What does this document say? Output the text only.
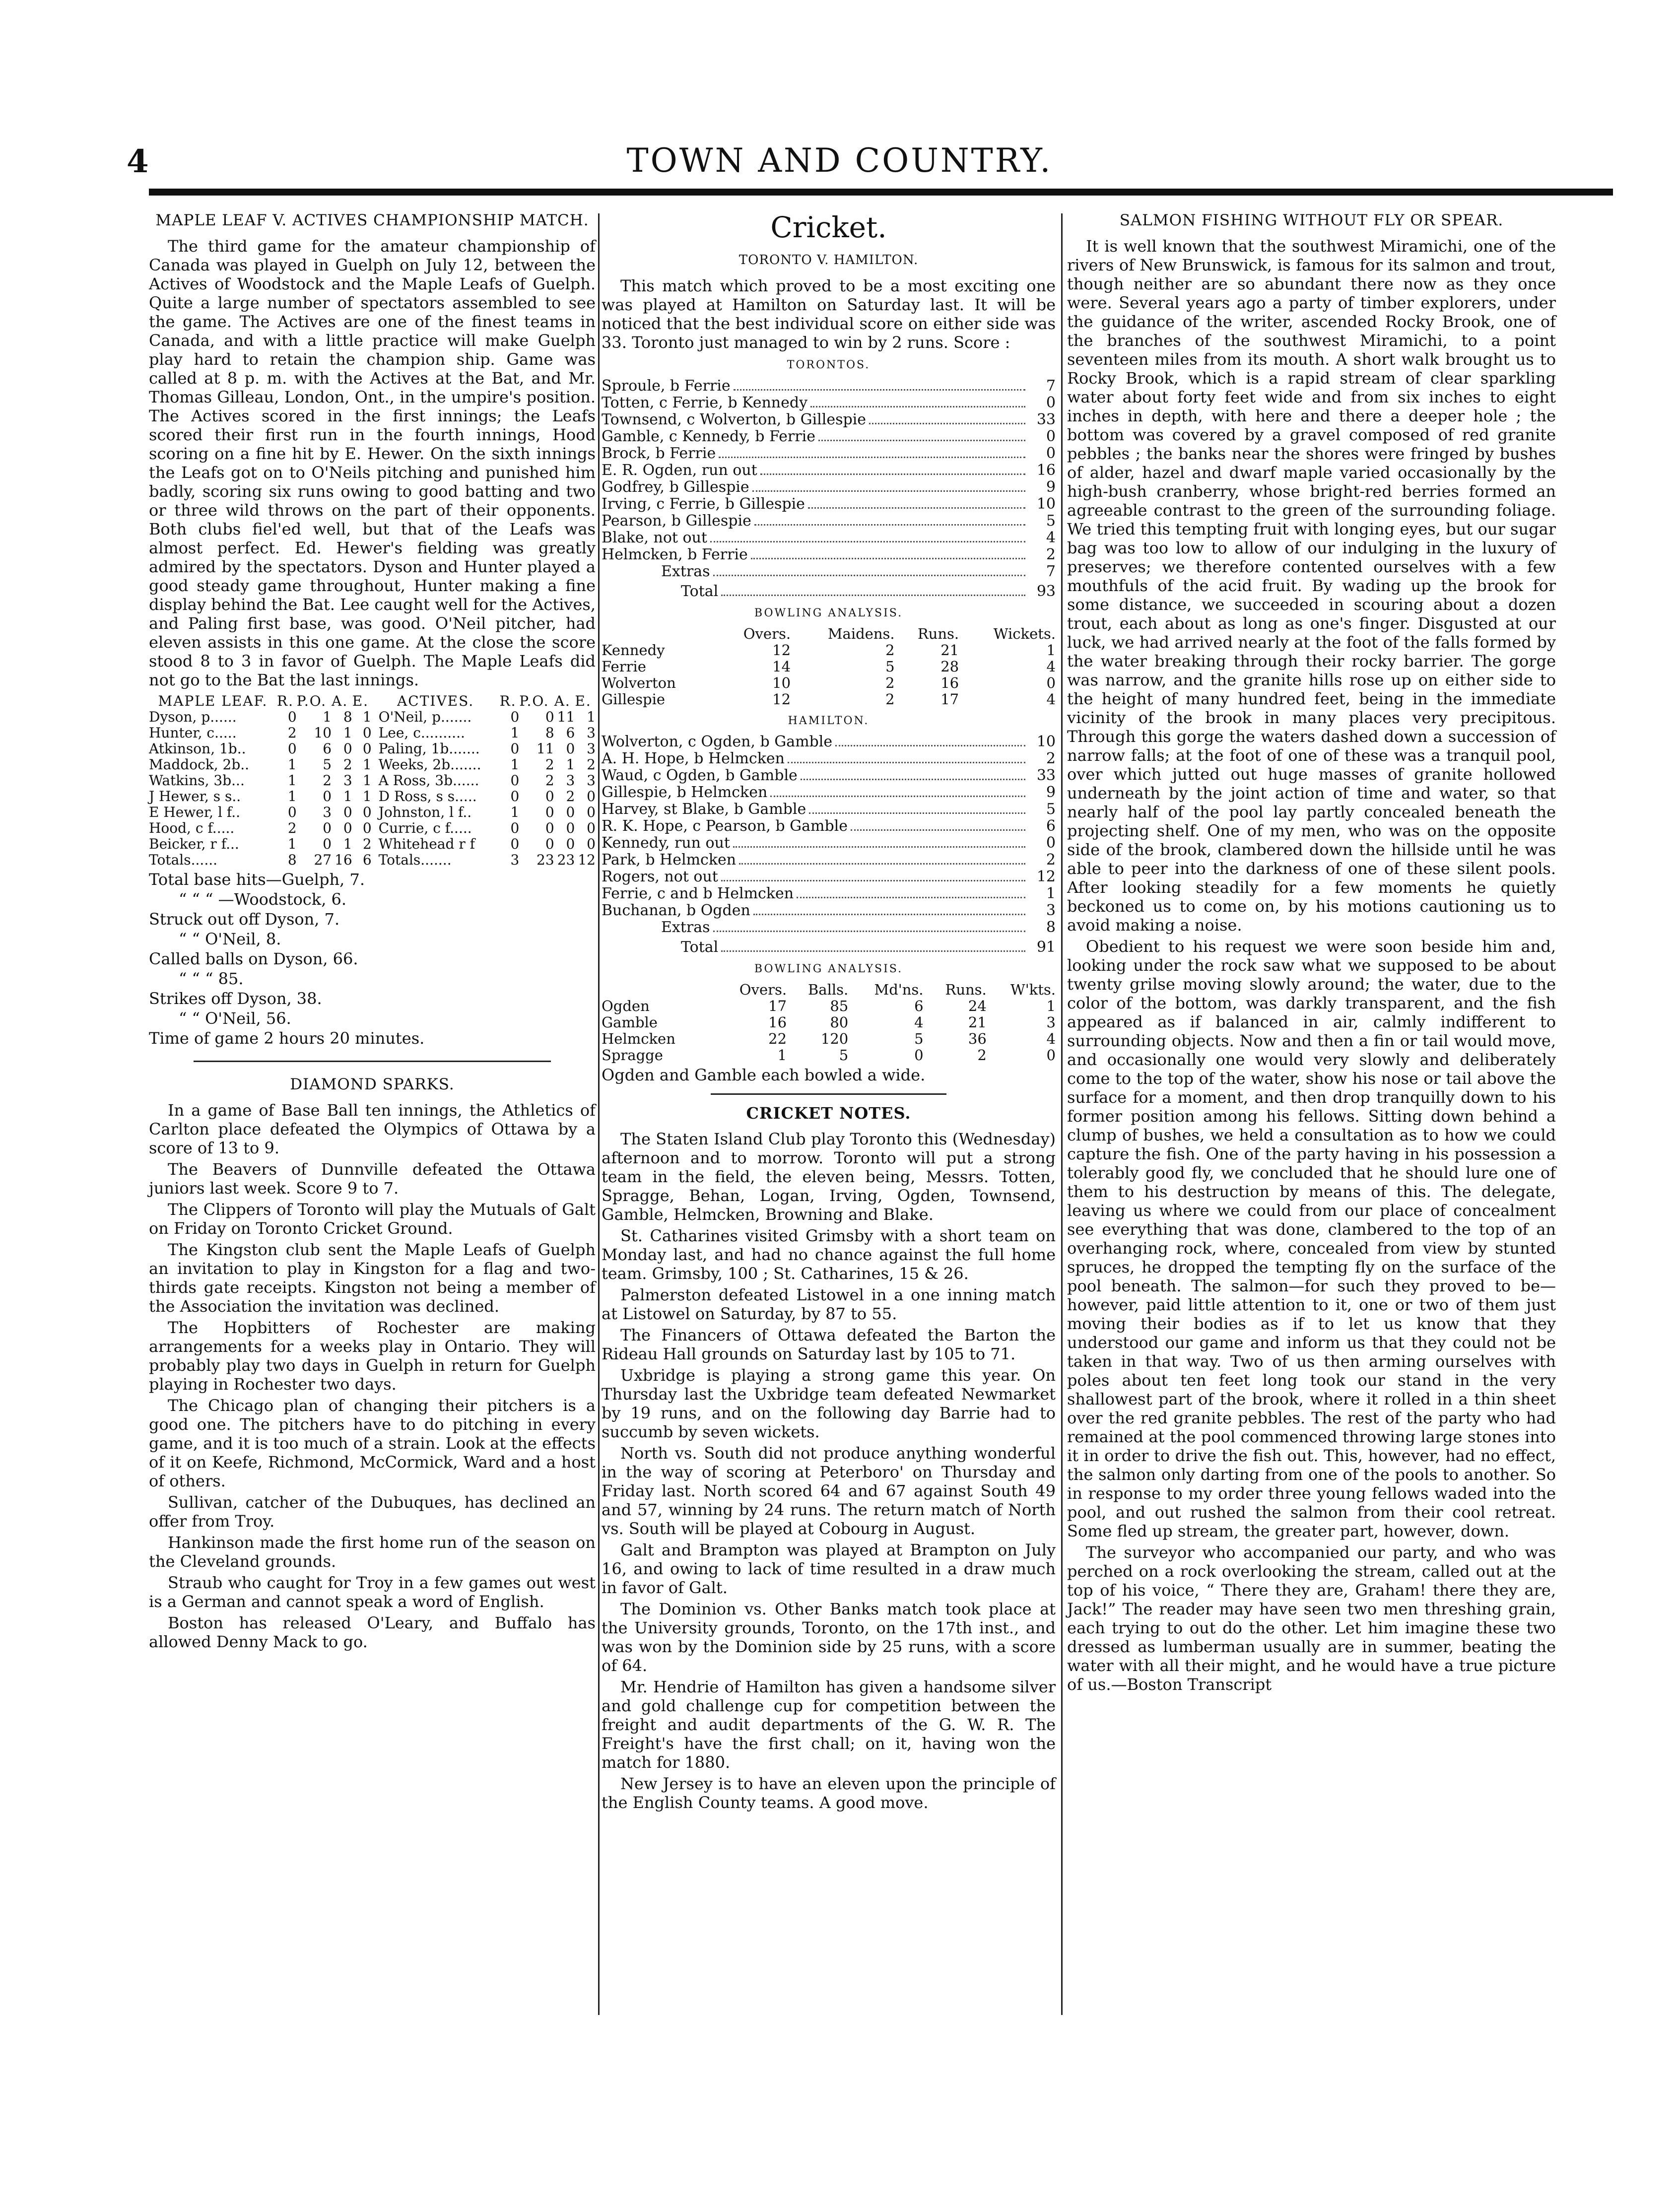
4	TOWN AND COUNTRY.
MAPLE LEAF V. ACTIVES CHAMPIONSHIP MATCH.

The third game for the amateur championship of Canada was played in Guelph on July 12, between the Actives of Woodstock and the Maple Leafs of Guelph. Quite a large number of spectators assembled to see the game. The Actives are one of the finest teams in Canada, and with a little practice will make Guelph play hard to retain the champion ship. Game was called at 8 p. m. with the Actives at the Bat, and Mr. Thomas Gilleau, London, Ont., in the umpire's position. The Actives scored in the first innings; the Leafs scored their first run in the fourth innings, Hood scoring on a fine hit by E. Hewer. On the sixth innings the Leafs got on to O'Neils pitching and punished him badly, scoring six runs owing to good batting and two or three wild throws on the part of their opponents. Both clubs fiel'ed well, but that of the Leafs was almost perfect. Ed. Hewer's fielding was greatly admired by the spectators. Dyson and Hunter played a good steady game throughout, Hunter making a fine display behind the Bat. Lee caught well for the Actives, and Paling first base, was good. O'Neil pitcher, had eleven assists in this one game. At the close the score stood 8 to 3 in favor of Guelph. The Maple Leafs did not go to the Bat the last innings.

MAPLE LEAF.	R.	P.O.	A.	E.	ACTIVES.	R.	P.O.	A.	E.
Dyson, p......	0	1	8	1	O'Neil, p.......	0	0	11	1
Hunter, c.....	2	10	1	0	Lee, c..........	1	8	6	3
Atkinson, 1b..	0	6	0	0	Paling, 1b.......	0	11	0	3
Maddock, 2b..	1	5	2	1	Weeks, 2b.......	1	2	1	2
Watkins, 3b...	1	2	3	1	A Ross, 3b......	0	2	3	3
J Hewer, s s..	1	0	1	1	D Ross, s s.....	0	0	2	0
E Hewer, l f..	0	3	0	0	Johnston, l f..	1	0	0	0
Hood, c f.....	2	0	0	0	Currie, c f.....	0	0	0	0
Beicker, r f...	1	0	1	2	Whitehead r f	0	0	0	0
Totals......	8	27	16	6	Totals.......	3	23	23	12
Total base hits—Guelph, 7.
“ “ “ —Woodstock, 6.
Struck out off Dyson, 7.
“ “ O'Neil, 8.
Called balls on Dyson, 66.
“ “ “ 85.
Strikes off Dyson, 38.
“ “ O'Neil, 56.
Time of game 2 hours 20 minutes.
DIAMOND SPARKS.

In a game of Base Ball ten innings, the Athletics of Carlton place defeated the Olympics of Ottawa by a score of 13 to 9.

The Beavers of Dunnville defeated the Ottawa juniors last week. Score 9 to 7.

The Clippers of Toronto will play the Mutuals of Galt on Friday on Toronto Cricket Ground.

The Kingston club sent the Maple Leafs of Guelph an invitation to play in Kingston for a flag and two-thirds gate receipts. Kingston not being a member of the Association the invitation was declined.

The Hopbitters of Rochester are making arrangements for a weeks play in Ontario. They will probably play two days in Guelph in return for Guelph playing in Rochester two days.

The Chicago plan of changing their pitchers is a good one. The pitchers have to do pitching in every game, and it is too much of a strain. Look at the effects of it on Keefe, Richmond, McCormick, Ward and a host of others.

Sullivan, catcher of the Dubuques, has declined an offer from Troy.

Hankinson made the first home run of the season on the Cleveland grounds.

Straub who caught for Troy in a few games out west is a German and cannot speak a word of English.

Boston has released O'Leary, and Buffalo has allowed Denny Mack to go.

Cricket.
TORONTO V. HAMILTON.

This match which proved to be a most exciting one was played at Hamilton on Saturday last. It will be noticed that the best individual score on either side was 33. Toronto just managed to win by 2 runs. Score :

TORONTOS.
Sproule, b Ferrie	7
Totten, c Ferrie, b Kennedy	0
Townsend, c Wolverton, b Gillespie	33
Gamble, c Kennedy, b Ferrie	0
Brock, b Ferrie	0
E. R. Ogden, run out	16
Godfrey, b Gillespie	9
Irving, c Ferrie, b Gillespie	10
Pearson, b Gillespie	5
Blake, not out	4
Helmcken, b Ferrie	2
Extras	7
Total	93
BOWLING ANALYSIS.
	Overs.	Maidens.	Runs.	Wickets.
Kennedy	12	2	21	1
Ferrie	14	5	28	4
Wolverton	10	2	16	0
Gillespie	12	2	17	4
HAMILTON.
Wolverton, c Ogden, b Gamble	10
A. H. Hope, b Helmcken	2
Waud, c Ogden, b Gamble	33
Gillespie, b Helmcken	9
Harvey, st Blake, b Gamble	5
R. K. Hope, c Pearson, b Gamble	6
Kennedy, run out	0
Park, b Helmcken	2
Rogers, not out	12
Ferrie, c and b Helmcken	1
Buchanan, b Ogden	3
Extras	8
Total	91
BOWLING ANALYSIS.
	Overs.	Balls.	Md'ns.	Runs.	W'kts.
Ogden	17	85	6	24	1
Gamble	16	80	4	21	3
Helmcken	22	120	5	36	4
Spragge	1	5	0	2	0

Ogden and Gamble each bowled a wide.

CRICKET NOTES.

The Staten Island Club play Toronto this (Wednesday) afternoon and to morrow. Toronto will put a strong team in the field, the eleven being, Messrs. Totten, Spragge, Behan, Logan, Irving, Ogden, Townsend, Gamble, Helmcken, Browning and Blake.

St. Catharines visited Grimsby with a short team on Monday last, and had no chance against the full home team. Grimsby, 100 ; St. Catharines, 15 & 26.

Palmerston defeated Listowel in a one inning match at Listowel on Saturday, by 87 to 55.

The Financers of Ottawa defeated the Barton the Rideau Hall grounds on Saturday last by 105 to 71.

Uxbridge is playing a strong game this year. On Thursday last the Uxbridge team defeated Newmarket by 19 runs, and on the following day Barrie had to succumb by seven wickets.

North vs. South did not produce anything wonderful in the way of scoring at Peterboro' on Thursday and Friday last. North scored 64 and 67 against South 49 and 57, winning by 24 runs. The return match of North vs. South will be played at Cobourg in August.

Galt and Brampton was played at Brampton on July 16, and owing to lack of time resulted in a draw much in favor of Galt.

The Dominion vs. Other Banks match took place at the University grounds, Toronto, on the 17th inst., and was won by the Dominion side by 25 runs, with a score of 64.

Mr. Hendrie of Hamilton has given a handsome silver and gold challenge cup for competition between the freight and audit departments of the G. W. R. The Freight's have the first chall; on it, having won the match for 1880.

New Jersey is to have an eleven upon the principle of the English County teams. A good move.

SALMON FISHING WITHOUT FLY OR SPEAR.

It is well known that the southwest Miramichi, one of the rivers of New Brunswick, is famous for its salmon and trout, though neither are so abundant there now as they once were. Several years ago a party of timber explorers, under the guidance of the writer, ascended Rocky Brook, one of the branches of the southwest Miramichi, to a point seventeen miles from its mouth. A short walk brought us to Rocky Brook, which is a rapid stream of clear sparkling water about forty feet wide and from six inches to eight inches in depth, with here and there a deeper hole ; the bottom was covered by a gravel composed of red granite pebbles ; the banks near the shores were fringed by bushes of alder, hazel and dwarf maple varied occasionally by the high-bush cranberry, whose bright-red berries formed an agreeable contrast to the green of the surrounding foliage. We tried this tempting fruit with longing eyes, but our sugar bag was too low to allow of our indulging in the luxury of preserves; we therefore contented ourselves with a few mouthfuls of the acid fruit. By wading up the brook for some distance, we succeeded in scouring about a dozen trout, each about as long as one's finger. Disgusted at our luck, we had arrived nearly at the foot of the falls formed by the water breaking through their rocky barrier. The gorge was narrow, and the granite hills rose up on either side to the height of many hundred feet, being in the immediate vicinity of the brook in many places very precipitous. Through this gorge the waters dashed down a succession of narrow falls; at the foot of one of these was a tranquil pool, over which jutted out huge masses of granite hollowed underneath by the joint action of time and water, so that nearly half of the pool lay partly concealed beneath the projecting shelf. One of my men, who was on the opposite side of the brook, clambered down the hillside until he was able to peer into the darkness of one of these silent pools. After looking steadily for a few moments he quietly beckoned us to come on, by his motions cautioning us to avoid making a noise.

Obedient to his request we were soon beside him and, looking under the rock saw what we supposed to be about twenty grilse moving slowly around; the water, due to the color of the bottom, was darkly transparent, and the fish appeared as if balanced in air, calmly indifferent to surrounding objects. Now and then a fin or tail would move, and occasionally one would very slowly and deliberately come to the top of the water, show his nose or tail above the surface for a moment, and then drop tranquilly down to his former position among his fellows. Sitting down behind a clump of bushes, we held a consultation as to how we could capture the fish. One of the party having in his possession a tolerably good fly, we concluded that he should lure one of them to his destruction by means of this. The delegate, leaving us where we could from our place of concealment see everything that was done, clambered to the top of an overhanging rock, where, concealed from view by stunted spruces, he dropped the tempting fly on the surface of the pool beneath. The salmon—for such they proved to be—however, paid little attention to it, one or two of them just moving their bodies as if to let us know that they understood our game and inform us that they could not be taken in that way. Two of us then arming ourselves with poles about ten feet long took our stand in the very shallowest part of the brook, where it rolled in a thin sheet over the red granite pebbles. The rest of the party who had remained at the pool commenced throwing large stones into it in order to drive the fish out. This, however, had no effect, the salmon only darting from one of the pools to another. So in response to my order three young fellows waded into the pool, and out rushed the salmon from their cool retreat. Some fled up stream, the greater part, however, down.

The surveyor who accompanied our party, and who was perched on a rock overlooking the stream, called out at the top of his voice, “ There they are, Graham! there they are, Jack!” The reader may have seen two men threshing grain, each trying to out do the other. Let him imagine these two dressed as lumberman usually are in summer, beating the water with all their might, and he would have a true picture of us.—Boston Transcript
